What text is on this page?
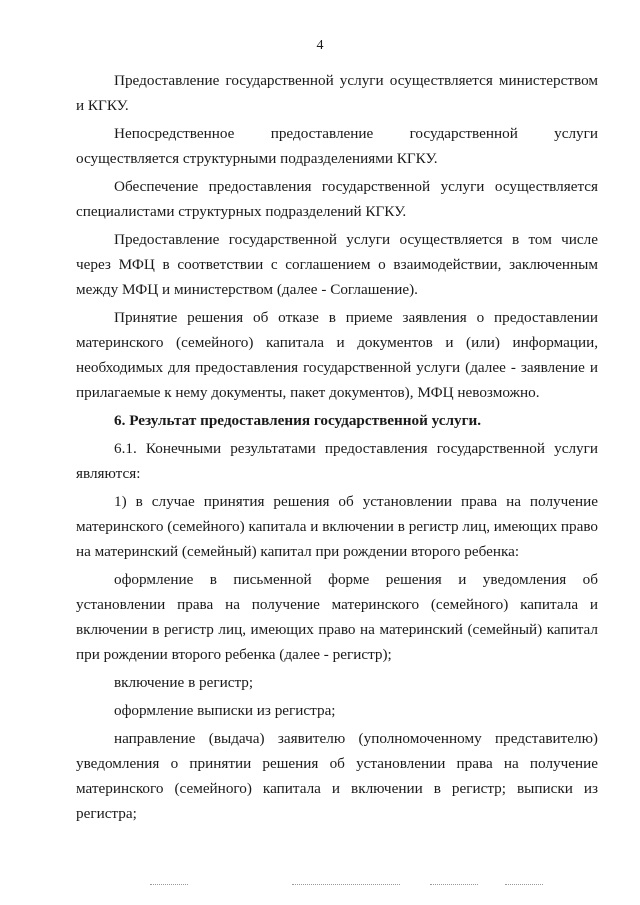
4
Предоставление государственной услуги осуществляется министерством
и КГКУ.
Непосредственное предоставление государственной услуги
осуществляется структурными подразделениями КГКУ.
Обеспечение предоставления государственной услуги осуществляется
специалистами структурных подразделений КГКУ.
Предоставление государственной услуги осуществляется в том числе
через МФЦ в соответствии с соглашением о взаимодействии, заключенным
между МФЦ и министерством (далее - Соглашение).
Принятие решения об отказе в приеме заявления о предоставлении
материнского (семейного) капитала и документов и (или) информации,
необходимых для предоставления государственной услуги (далее - заявление и
прилагаемые к нему документы, пакет документов), МФЦ невозможно.
6. Результат предоставления государственной услуги.
6.1. Конечными результатами предоставления государственной услуги
являются:
1) в случае принятия решения об установлении права на получение
материнского (семейного) капитала и включении в регистр лиц, имеющих право
на материнский (семейный) капитал при рождении второго ребенка:
оформление в письменной форме решения и уведомления об
установлении права на получение материнского (семейного) капитала и
включении в регистр лиц, имеющих право на материнский (семейный) капитал
при рождении второго ребенка (далее - регистр);
включение в регистр;
оформление выписки из регистра;
направление (выдача) заявителю (уполномоченному представителю)
уведомления о принятии решения об установлении права на получение
материнского (семейного) капитала и включении в регистр; выписки из
регистра;
